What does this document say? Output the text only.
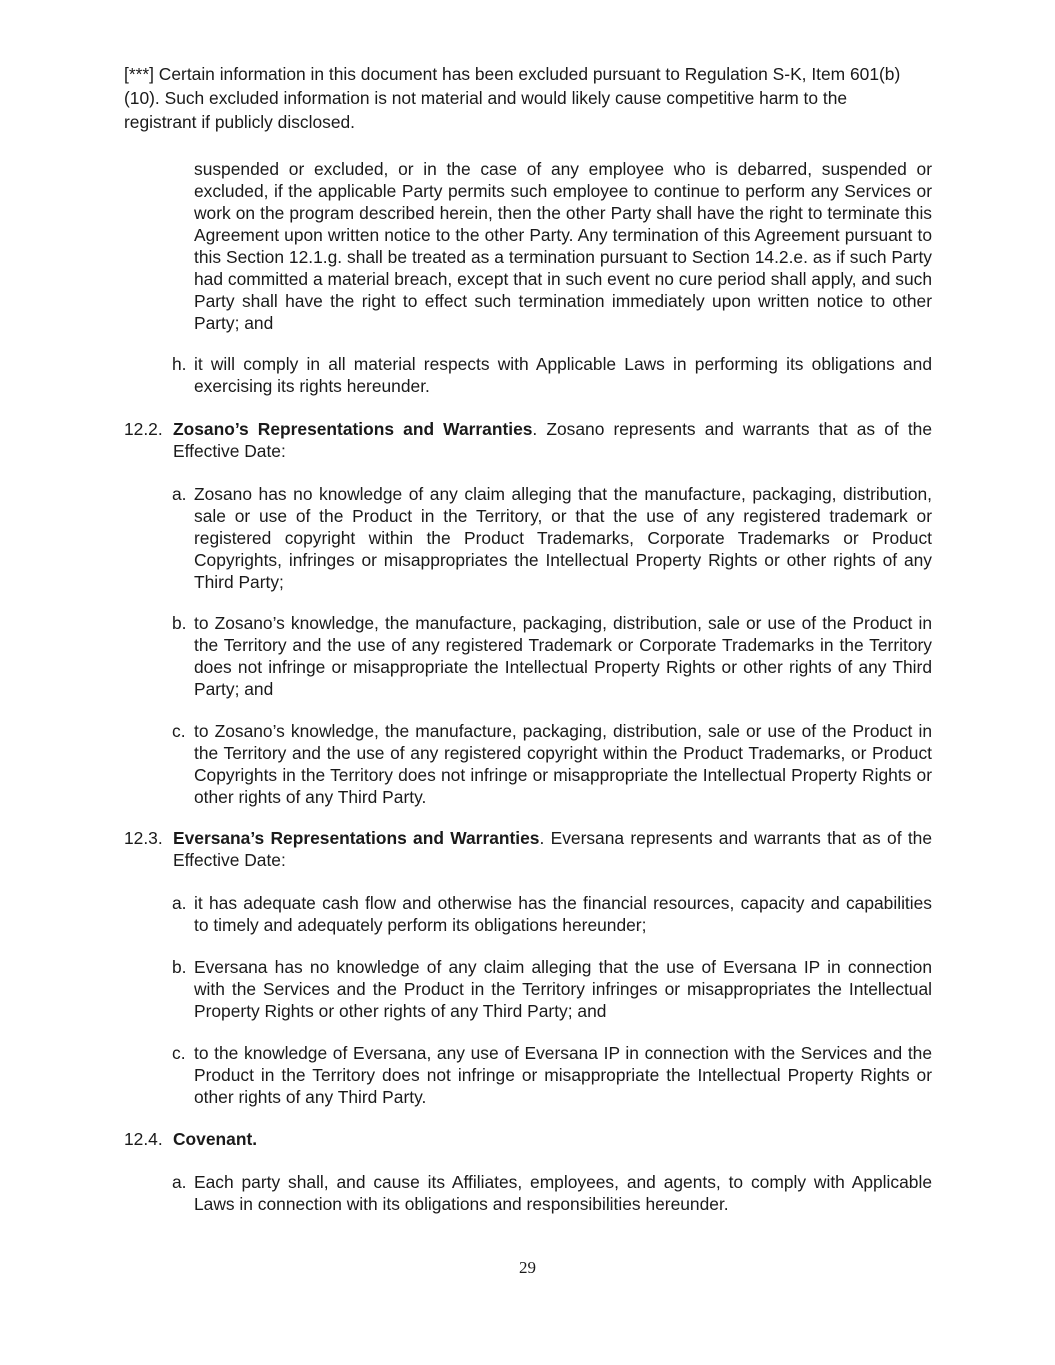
[***] Certain information in this document has been excluded pursuant to Regulation S-K, Item 601(b)(10). Such excluded information is not material and would likely cause competitive harm to the registrant if publicly disclosed.
suspended or excluded, or in the case of any employee who is debarred, suspended or excluded, if the applicable Party permits such employee to continue to perform any Services or work on the program described herein, then the other Party shall have the right to terminate this Agreement upon written notice to the other Party. Any termination of this Agreement pursuant to this Section 12.1.g. shall be treated as a termination pursuant to Section 14.2.e. as if such Party had committed a material breach, except that in such event no cure period shall apply, and such Party shall have the right to effect such termination immediately upon written notice to other Party; and
h. it will comply in all material respects with Applicable Laws in performing its obligations and exercising its rights hereunder.
12.2. Zosano’s Representations and Warranties. Zosano represents and warrants that as of the Effective Date:
a. Zosano has no knowledge of any claim alleging that the manufacture, packaging, distribution, sale or use of the Product in the Territory, or that the use of any registered trademark or registered copyright within the Product Trademarks, Corporate Trademarks or Product Copyrights, infringes or misappropriates the Intellectual Property Rights or other rights of any Third Party;
b. to Zosano’s knowledge, the manufacture, packaging, distribution, sale or use of the Product in the Territory and the use of any registered Trademark or Corporate Trademarks in the Territory does not infringe or misappropriate the Intellectual Property Rights or other rights of any Third Party; and
c. to Zosano’s knowledge, the manufacture, packaging, distribution, sale or use of the Product in the Territory and the use of any registered copyright within the Product Trademarks, or Product Copyrights in the Territory does not infringe or misappropriate the Intellectual Property Rights or other rights of any Third Party.
12.3. Eversana’s Representations and Warranties. Eversana represents and warrants that as of the Effective Date:
a. it has adequate cash flow and otherwise has the financial resources, capacity and capabilities to timely and adequately perform its obligations hereunder;
b. Eversana has no knowledge of any claim alleging that the use of Eversana IP in connection with the Services and the Product in the Territory infringes or misappropriates the Intellectual Property Rights or other rights of any Third Party; and
c. to the knowledge of Eversana, any use of Eversana IP in connection with the Services and the Product in the Territory does not infringe or misappropriate the Intellectual Property Rights or other rights of any Third Party.
12.4. Covenant.
a. Each party shall, and cause its Affiliates, employees, and agents, to comply with Applicable Laws in connection with its obligations and responsibilities hereunder.
29
